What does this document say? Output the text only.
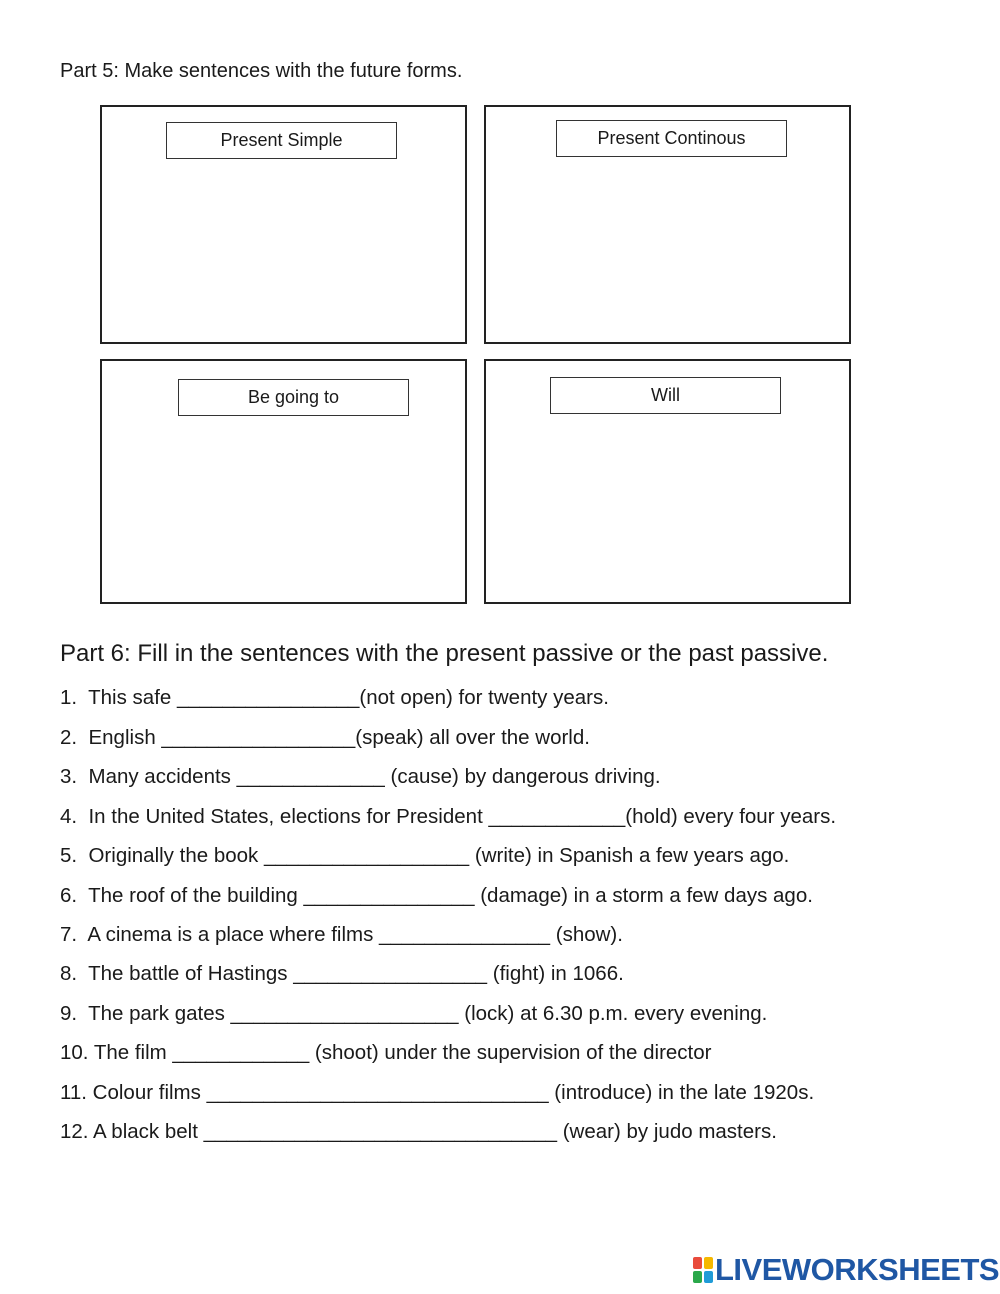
Part 5: Make sentences with the future forms.
Present Simple	Present Continous
Be going to	Will
Part 6: Fill in the sentences with the present passive or the past passive.
1.  This safe ________________(not open) for twenty years.
2.  English _________________(speak) all over the world.
3.  Many accidents _____________ (cause) by dangerous driving.
4.  In the United States, elections for President ____________(hold) every four years.
5.  Originally the book __________________ (write) in Spanish a few years ago.
6.  The roof of the building _______________ (damage) in a storm a few days ago.
7.  A cinema is a place where films _______________ (show).
8.  The battle of Hastings _________________ (fight) in 1066.
9.  The park gates ____________________ (lock) at 6.30 p.m. every evening.
10. The film ____________ (shoot) under the supervision of the director
11. Colour films ______________________________ (introduce) in the late 1920s.
12. A black belt _______________________________ (wear) by judo masters.
LIVEWORKSHEETS
